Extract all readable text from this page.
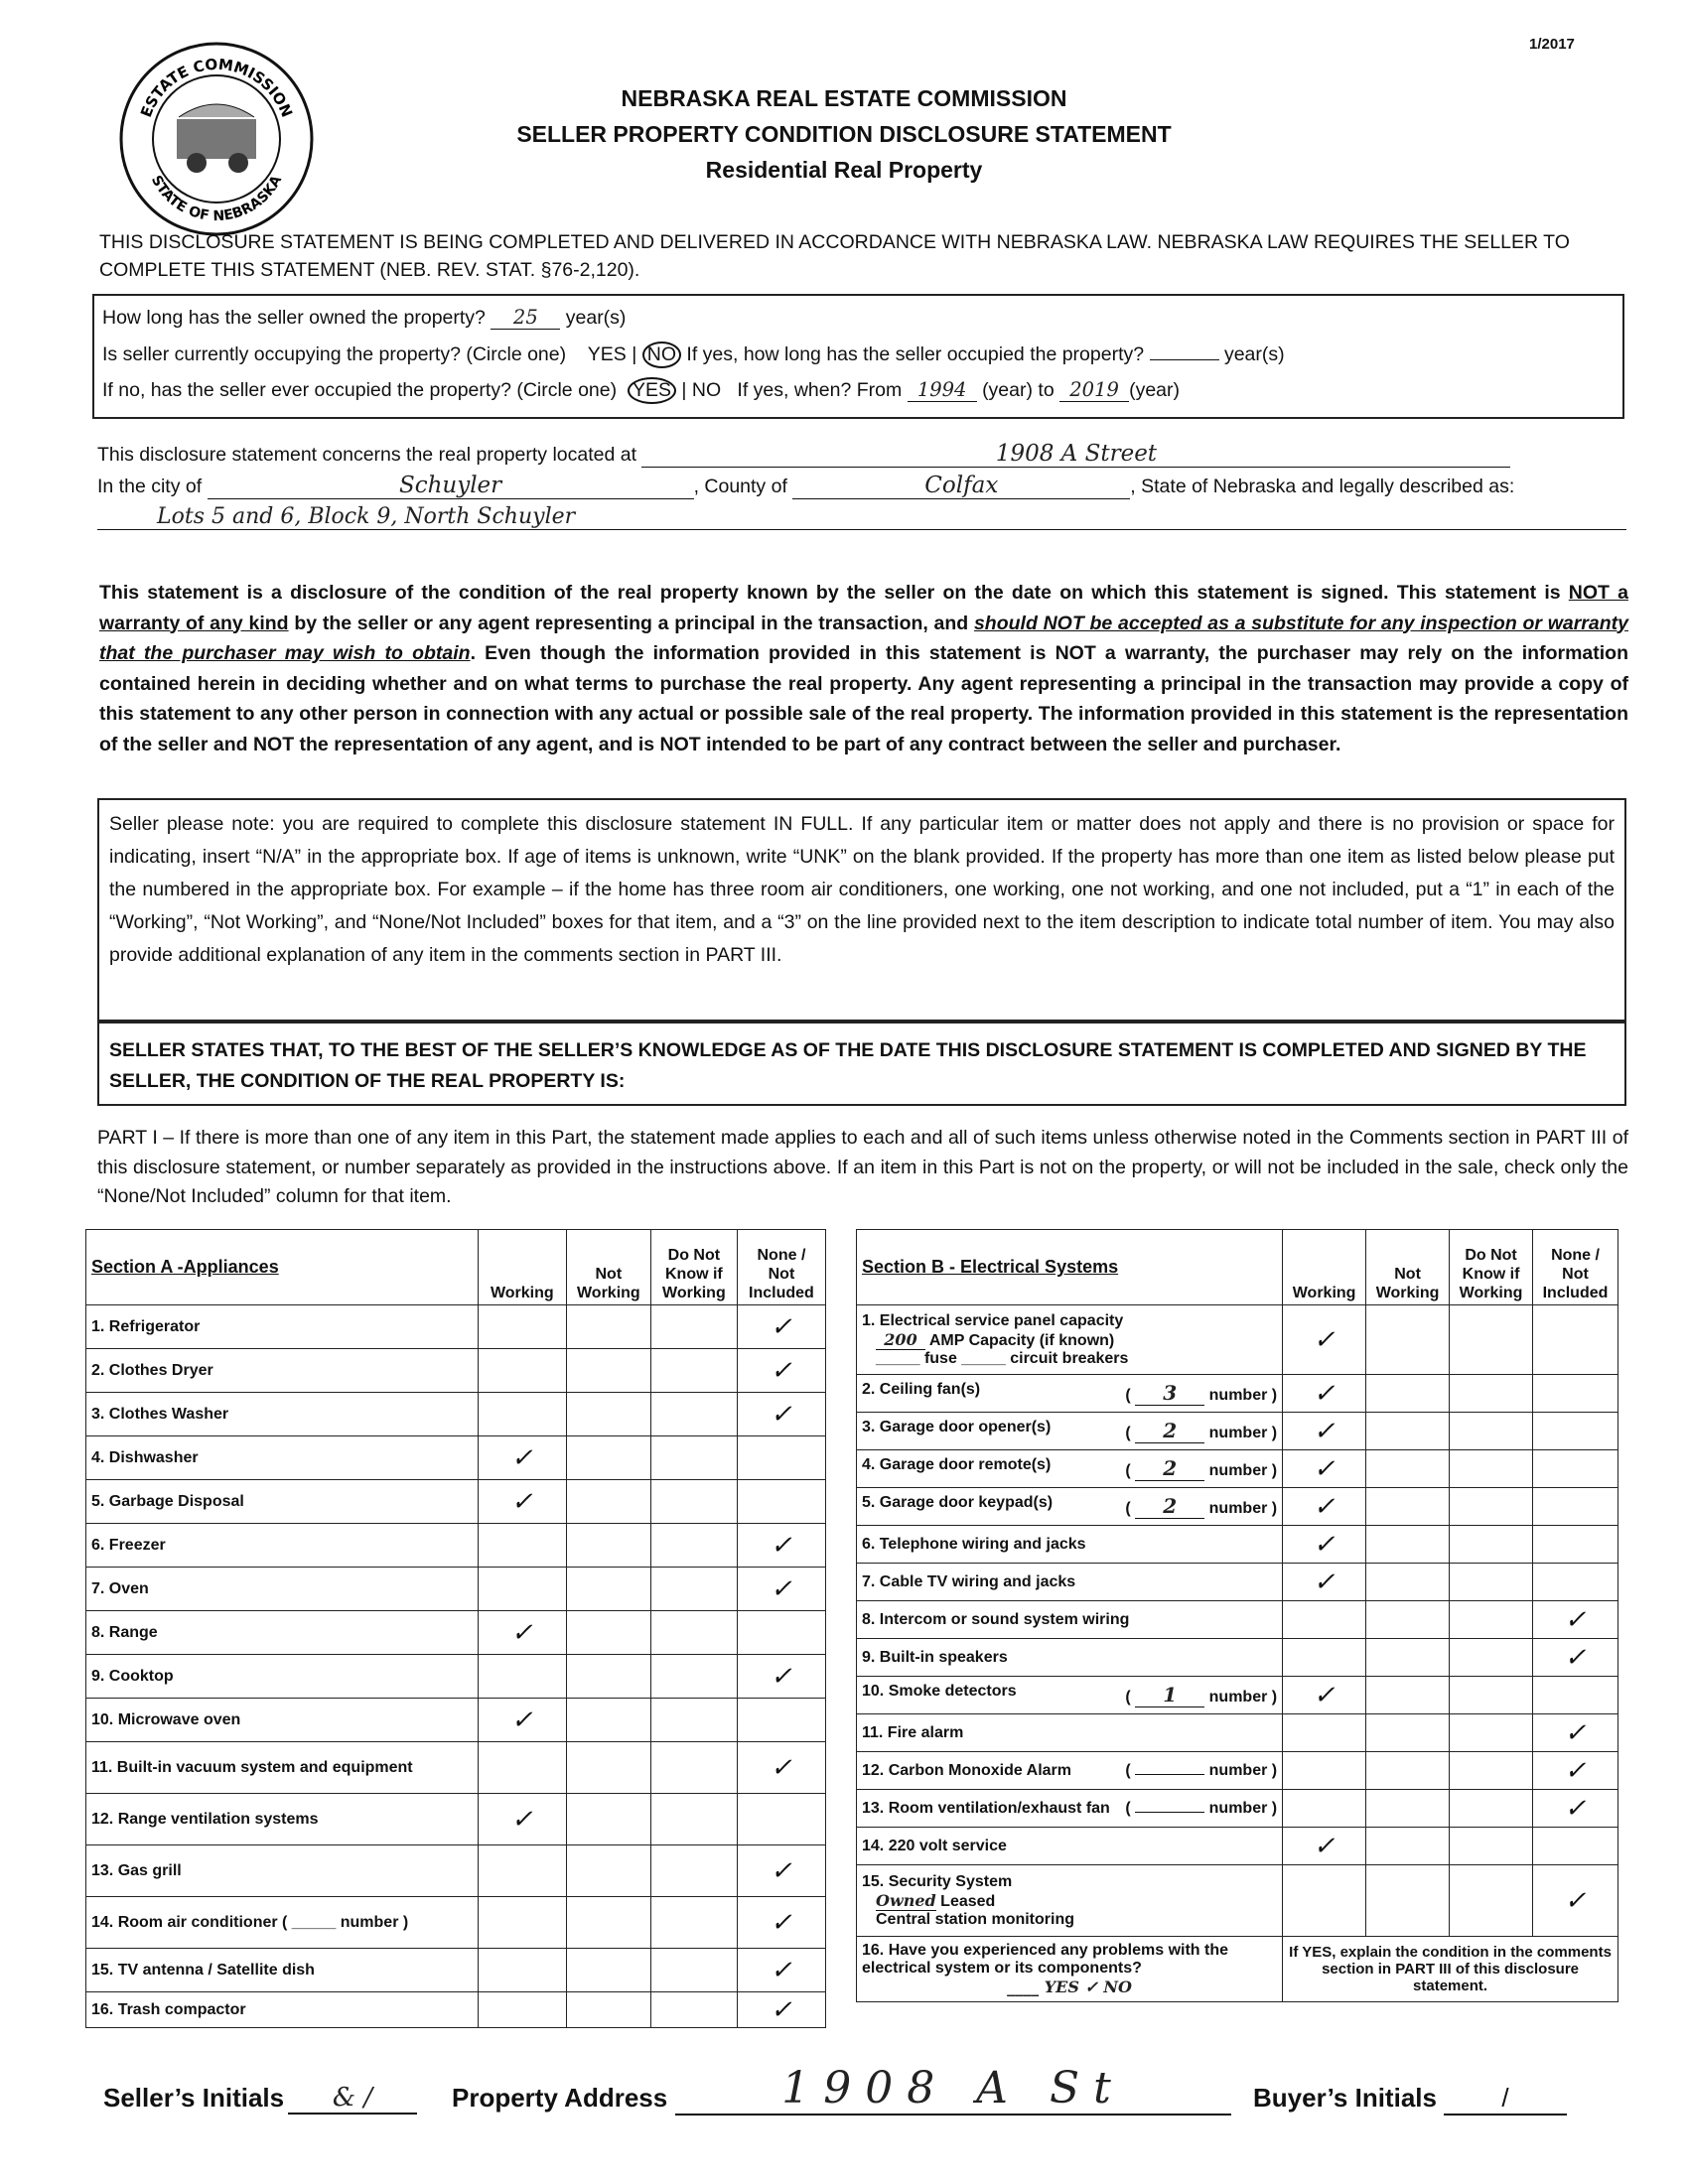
ESTATE COMMISSION
STATE OF NEBRASKA
1/2017
NEBRASKA REAL ESTATE COMMISSION
SELLER PROPERTY CONDITION DISCLOSURE STATEMENT
Residential Real Property
THIS DISCLOSURE STATEMENT IS BEING COMPLETED AND DELIVERED IN ACCORDANCE WITH NEBRASKA LAW. NEBRASKA LAW REQUIRES THE SELLER TO COMPLETE THIS STATEMENT (NEB. REV. STAT. §76-2,120).
How long has the seller owned the property? 25 year(s)
Is seller currently occupying the property? (Circle one) YES | NO If yes, how long has the seller occupied the property?	year(s)
If no, has the seller ever occupied the property? (Circle one) YES | NO If yes, when? From 1994 (year) to 2019 (year)
This disclosure statement concerns the real property located at	1908 A Street
In the city of	Schuyler	, County of	Colfax	, State of Nebraska and legally described as:
Lots 5 and 6, Block 9, North Schuyler
This statement is a disclosure of the condition of the real property known by the seller on the date on which this statement is signed. This statement is NOT a warranty of any kind by the seller or any agent representing a principal in the transaction, and should NOT be accepted as a substitute for any inspection or warranty that the purchaser may wish to obtain. Even though the information provided in this statement is NOT a warranty, the purchaser may rely on the information contained herein in deciding whether and on what terms to purchase the real property. Any agent representing a principal in the transaction may provide a copy of this statement to any other person in connection with any actual or possible sale of the real property. The information provided in this statement is the representation of the seller and NOT the representation of any agent, and is NOT intended to be part of any contract between the seller and purchaser.
Seller please note: you are required to complete this disclosure statement IN FULL. If any particular item or matter does not apply and there is no provision or space for indicating, insert “N/A” in the appropriate box. If age of items is unknown, write “UNK” on the blank provided. If the property has more than one item as listed below please put the numbered in the appropriate box. For example – if the home has three room air conditioners, one working, one not working, and one not included, put a “1” in each of the “Working”, “Not Working”, and “None/Not Included” boxes for that item, and a “3” on the line provided next to the item description to indicate total number of item. You may also provide additional explanation of any item in the comments section in PART III.
SELLER STATES THAT, TO THE BEST OF THE SELLER’S KNOWLEDGE AS OF THE DATE THIS DISCLOSURE STATEMENT IS COMPLETED AND SIGNED BY THE SELLER, THE CONDITION OF THE REAL PROPERTY IS:
PART I – If there is more than one of any item in this Part, the statement made applies to each and all of such items unless otherwise noted in the Comments section in PART III of this disclosure statement, or number separately as provided in the instructions above. If an item in this Part is not on the property, or will not be included in the sale, check only the “None/Not Included” column for that item.
Section A -Appliances	Working	Not Working	Do Not Know if Working	None / Not Included
1. Refrigerator				✓
2. Clothes Dryer				✓
3. Clothes Washer				✓
4. Dishwasher	✓			
5. Garbage Disposal	✓			
6. Freezer				✓
7. Oven				✓
8. Range	✓			
9. Cooktop				✓
10. Microwave oven	✓			
11. Built-in vacuum system and equipment				✓
12. Range ventilation systems	✓			
13. Gas grill				✓
14. Room air conditioner ( _____ number )				✓
15. TV antenna / Satellite dish				✓
16. Trash compactor				✓
Section B - Electrical Systems	Working	Not Working	Do Not Know if Working	None / Not Included
1. Electrical service panel capacity
200 AMP Capacity (if known)
_____ fuse _____ circuit breakers	✓			
2. Ceiling fan(s) ( 3 number )	✓			
3. Garage door opener(s) ( 2 number )	✓			
4. Garage door remote(s) ( 2 number )	✓			
5. Garage door keypad(s) ( 2 number )	✓			
6. Telephone wiring and jacks	✓			
7. Cable TV wiring and jacks	✓			
8. Intercom or sound system wiring				✓
9. Built-in speakers				✓
10. Smoke detectors ( 1 number )	✓			
11. Fire alarm				✓
12. Carbon Monoxide Alarm ( number )				✓
13. Room ventilation/exhaust fan ( number )				✓
14. 220 volt service	✓			
15. Security System
Owned Leased
Central station monitoring				✓

16. Have you experienced any problems with the electrical system or its components?
____ YES ✓ NO	If YES, explain the condition in the comments section in PART III of this disclosure statement.			
Seller’s Initials	& /	Property Address	1908 A St	Buyer’s Initials	/
